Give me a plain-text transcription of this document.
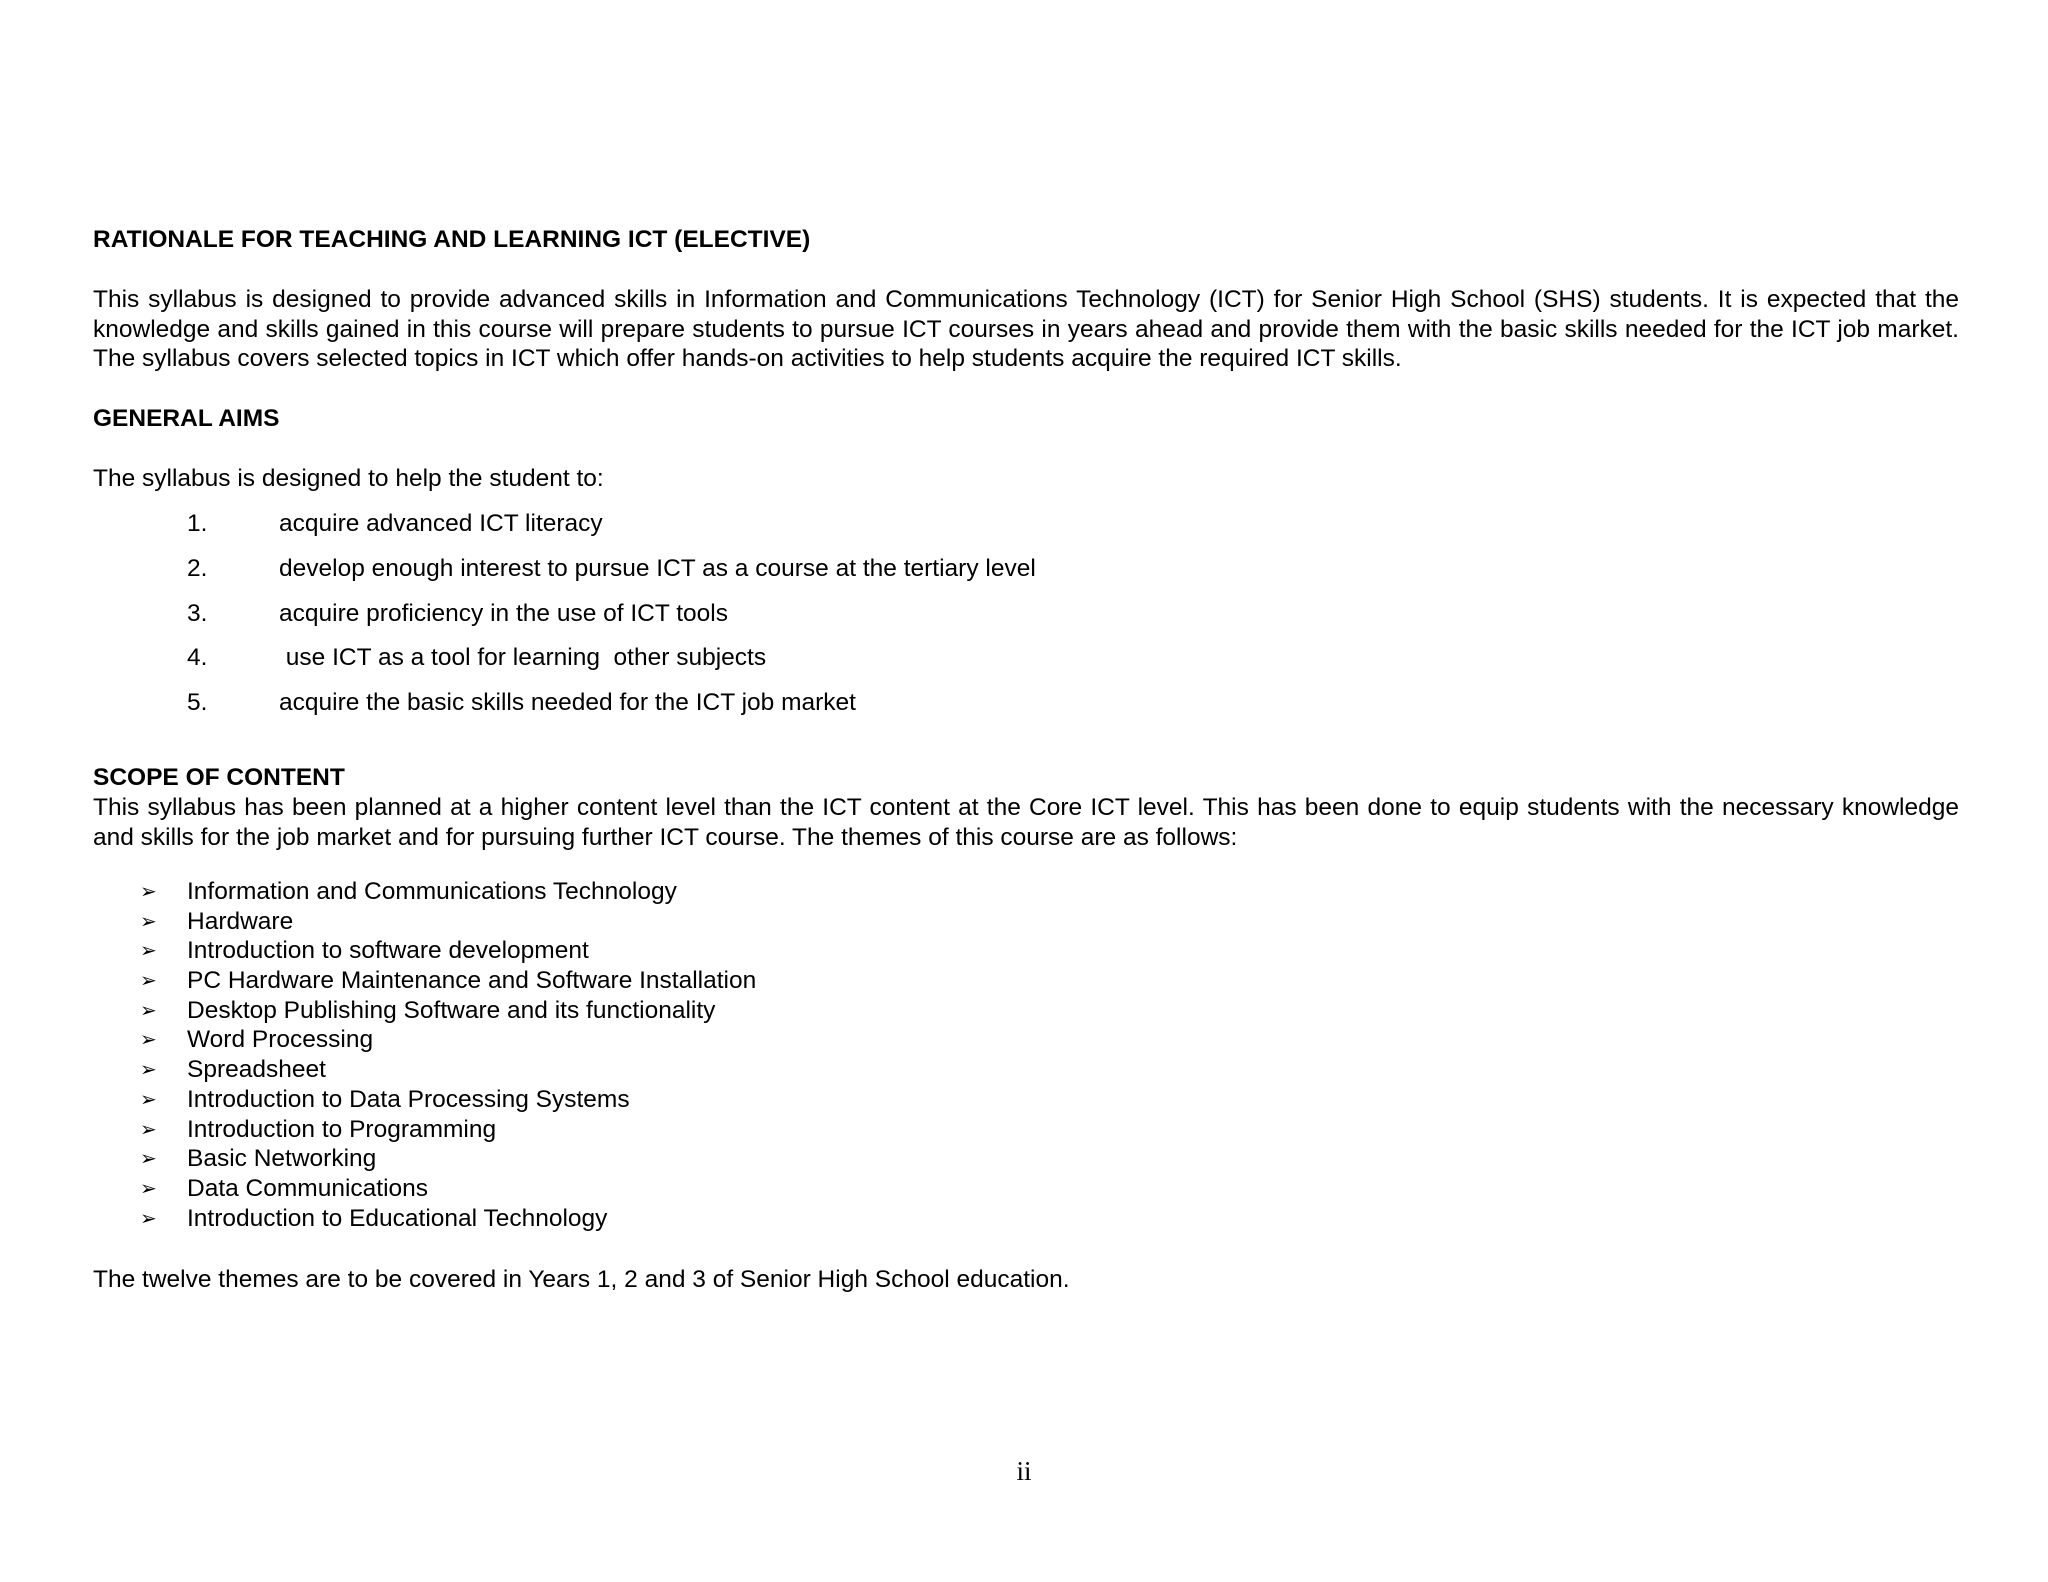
RATIONALE FOR TEACHING AND LEARNING ICT (ELECTIVE)
This syllabus is designed to provide advanced skills in Information and Communications Technology (ICT) for Senior High School (SHS) students. It is expected that the knowledge and skills gained in this course will prepare students to pursue ICT courses in years ahead and provide them with the basic skills needed for the ICT job market. The syllabus covers selected topics in ICT which offer hands-on activities to help students acquire the required ICT skills.
GENERAL AIMS
The syllabus is designed to help the student to:
1.	acquire advanced ICT literacy
2.	develop enough interest to pursue ICT as a course at the tertiary level
3.	acquire proficiency in the use of ICT tools
4.	use ICT as a tool for learning  other subjects
5.	acquire the basic skills needed for the ICT job market
SCOPE OF CONTENT
This syllabus has been planned at a higher content level than the ICT content at the Core ICT level. This has been done to equip students with the necessary knowledge and skills for the job market and for pursuing further ICT course. The themes of this course are as follows:
➢ Information and Communications Technology
➢ Hardware
➢ Introduction to software development
➢ PC Hardware Maintenance and Software Installation
➢ Desktop Publishing Software and its functionality
➢ Word Processing
➢ Spreadsheet
➢ Introduction to Data Processing Systems
➢ Introduction to Programming
➢ Basic Networking
➢ Data Communications
➢ Introduction to Educational Technology
The twelve themes are to be covered in Years 1, 2 and 3 of Senior High School education.
ii
